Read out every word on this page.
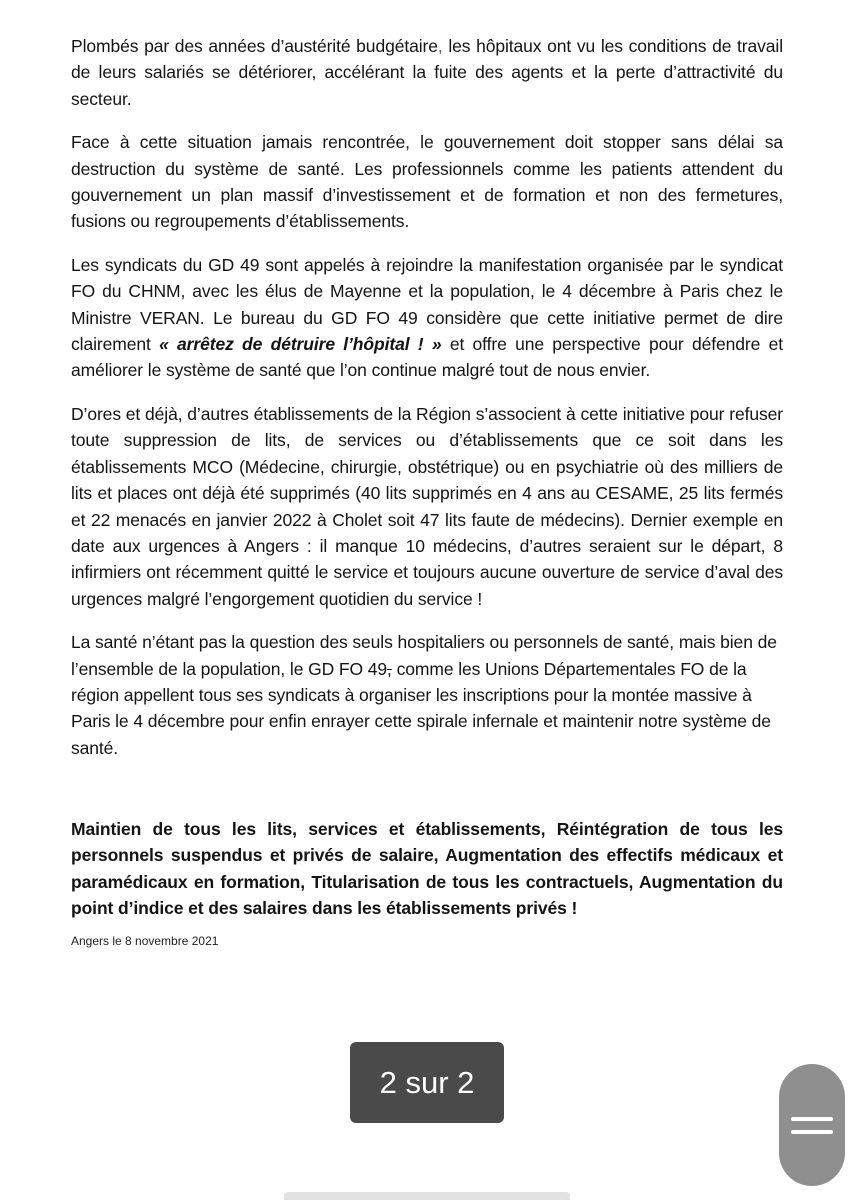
Plombés par des années d’austérité budgétaire, les hôpitaux ont vu les conditions de travail de leurs salariés se détériorer, accélérant la fuite des agents et la perte d’attractivité du secteur.

Face à cette situation jamais rencontrée, le gouvernement doit stopper sans délai sa destruction du système de santé. Les professionnels comme les patients attendent du gouvernement un plan massif d’investissement et de formation et non des fermetures, fusions ou regroupements d’établissements.

Les syndicats du GD 49 sont appelés à rejoindre la manifestation organisée par le syndicat FO du CHNM, avec les élus de Mayenne et la population, le 4 décembre à Paris chez le Ministre VERAN. Le bureau du GD FO 49 considère que cette initiative permet de dire clairement « arrêtez de détruire l’hôpital ! » et offre une perspective pour défendre et améliorer le système de santé que l’on continue malgré tout de nous envier.

D’ores et déjà, d’autres établissements de la Région s’associent à cette initiative pour refuser toute suppression de lits, de services ou d’établissements que ce soit dans les établissements MCO (Médecine, chirurgie, obstétrique) ou en psychiatrie où des milliers de lits et places ont déjà été supprimés (40 lits supprimés en 4 ans au CESAME, 25 lits fermés et 22 menacés en janvier 2022 à Cholet soit 47 lits faute de médecins). Dernier exemple en date aux urgences à Angers : il manque 10 médecins, d’autres seraient sur le départ, 8 infirmiers ont récemment quitté le service et toujours aucune ouverture de service d’aval des urgences malgré l’engorgement quotidien du service !

La santé n’étant pas la question des seuls hospitaliers ou personnels de santé, mais bien de l’ensemble de la population, le GD FO 49, comme les Unions Départementales FO de la région appellent tous ses syndicats à organiser les inscriptions pour la montée massive à Paris le 4 décembre pour enfin enrayer cette spirale infernale et maintenir notre système de santé.

Maintien de tous les lits, services et établissements, Réintégration de tous les personnels suspendus et privés de salaire, Augmentation des effectifs médicaux et paramédicaux en formation, Titularisation de tous les contractuels, Augmentation du point d’indice et des salaires dans les établissements privés !

Angers le 8 novembre 2021

2 sur 2
